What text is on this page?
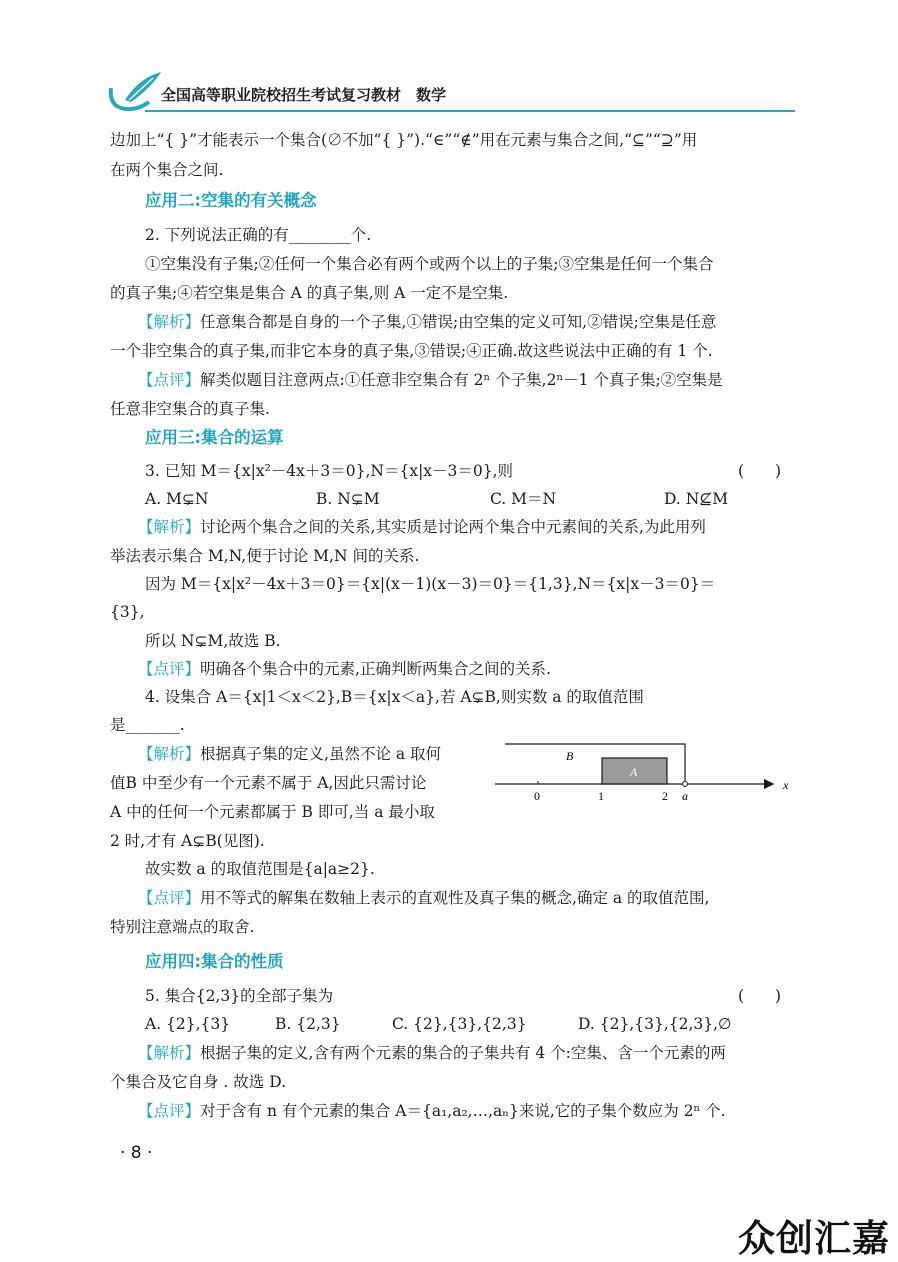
全国高等职业院校招生考试复习教材　数学
边加上“{ }”才能表示一个集合(∅不加“{ }”).“∈”“∉”用在元素与集合之间,“⊆”“⊇”用
在两个集合之间.
应用二:空集的有关概念
2. 下列说法正确的有________个.
①空集没有子集;②任何一个集合必有两个或两个以上的子集;③空集是任何一个集合
的真子集;④若空集是集合 A 的真子集,则 A 一定不是空集.
【解析】任意集合都是自身的一个子集,①错误;由空集的定义可知,②错误;空集是任意
一个非空集合的真子集,而非它本身的真子集,③错误;④正确.故这些说法中正确的有 1 个.
【点评】解类似题目注意两点:①任意非空集合有 2ⁿ 个子集,2ⁿ－1 个真子集;②空集是
任意非空集合的真子集.
应用三:集合的运算
3. 已知 M＝{x|x²－4x＋3＝0},N＝{x|x－3＝0},则	(　　)
A. M⊊N	B. N⊊M	C. M＝N	D. N⊈M
【解析】讨论两个集合之间的关系,其实质是讨论两个集合中元素间的关系,为此用列
举法表示集合 M,N,便于讨论 M,N 间的关系.
因为 M＝{x|x²－4x＋3＝0}＝{x|(x－1)(x－3)＝0}＝{1,3},N＝{x|x－3＝0}＝
{3},
所以 N⊊M,故选 B.
【点评】明确各个集合中的元素,正确判断两集合之间的关系.
4. 设集合 A＝{x|1＜x＜2},B＝{x|x＜a},若 A⊊B,则实数 a 的取值范围
是_______.
【解析】根据真子集的定义,虽然不论 a 取何
值B 中至少有一个元素不属于 A,因此只需讨论
A 中的任何一个元素都属于 B 即可,当 a 最小取
2 时,才有 A⊊B(见图).
故实数 a 的取值范围是{a|a≥2}.
【点评】用不等式的解集在数轴上表示的直观性及真子集的概念,确定 a 的取值范围,
特别注意端点的取舍.
B
A
x
0	1	2 a
应用四:集合的性质
5. 集合{2,3}的全部子集为	(　　)
A. {2},{3}	B. {2,3}	C. {2},{3},{2,3}	D. {2},{3},{2,3},∅
【解析】根据子集的定义,含有两个元素的集合的子集共有 4 个:空集、含一个元素的两
个集合及它自身 . 故选 D.
【点评】对于含有 n 有个元素的集合 A＝{a₁,a₂,…,aₙ}来说,它的子集个数应为 2ⁿ 个.
· 8 ·
众创汇嘉
